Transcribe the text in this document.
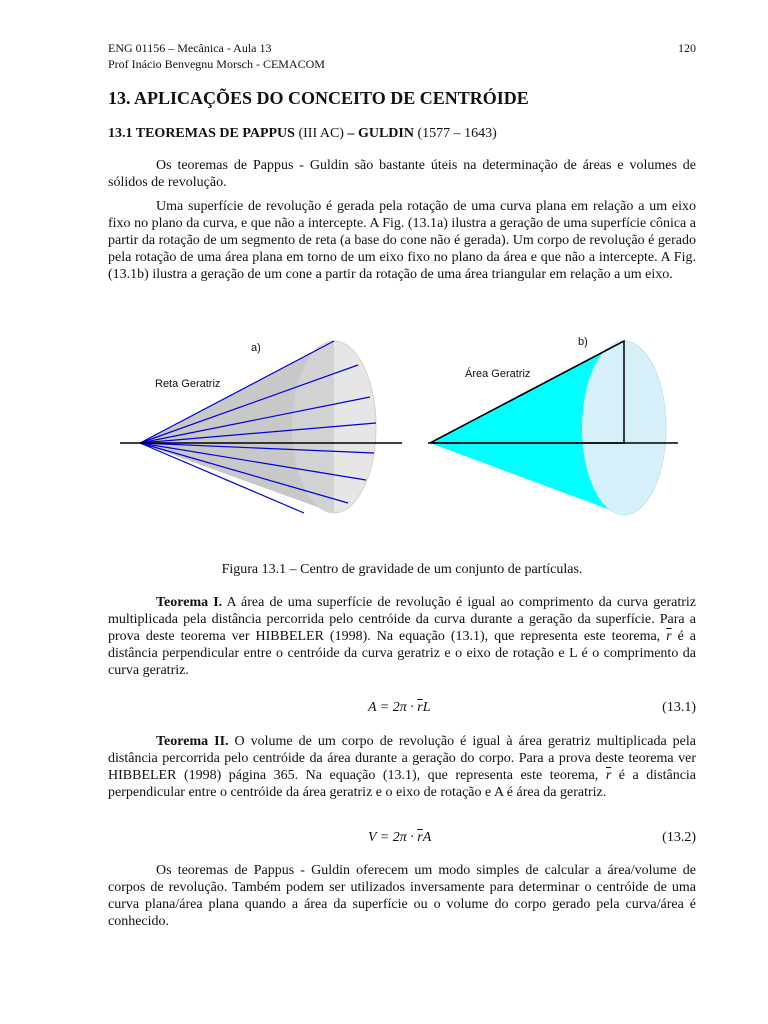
ENG 01156 – Mecânica - Aula 13
Prof Inácio Benvegnu Morsch - CEMACOM
120
13. APLICAÇÕES DO CONCEITO DE CENTRÓIDE
13.1 TEOREMAS DE PAPPUS (III AC) – GULDIN (1577 – 1643)

Os teoremas de Pappus - Guldin são bastante úteis na determinação de áreas e volumes de sólidos de revolução.

Uma superfície de revolução é gerada pela rotação de uma curva plana em relação a um eixo fixo no plano da curva, e que não a intercepte. A Fig. (13.1a) ilustra a geração de uma superfície cônica a partir da rotação de um segmento de reta (a base do cone não é gerada). Um corpo de revolução é gerado pela rotação de uma área plana em torno de um eixo fixo no plano da área e que não a intercepte. A Fig. (13.1b) ilustra a geração de um cone a partir da rotação de uma área triangular em relação a um eixo.

a)
Reta Geratriz
b)
Área Geratriz
Figura 13.1 – Centro de gravidade de um conjunto de partículas.

Teorema I. A área de uma superfície de revolução é igual ao comprimento da curva geratriz multiplicada pela distância percorrida pelo centróide da curva durante a geração da superfície. Para a prova deste teorema ver HIBBELER (1998). Na equação (13.1), que representa este teorema, $\overline{r}$ é a distância perpendicular entre o centróide da curva geratriz e o eixo de rotação e L é o comprimento da curva geratriz.

$A = 2\pi \cdot \overline{r}L$	(13.1)

Teorema II. O volume de um corpo de revolução é igual à área geratriz multiplicada pela distância percorrida pelo centróide da área durante a geração do corpo. Para a prova deste teorema ver HIBBELER (1998) página 365. Na equação (13.1), que representa este teorema, $\overline{r}$ é a distância perpendicular entre o centróide da área geratriz e o eixo de rotação e A é área da geratriz.

$V = 2\pi \cdot \overline{r}A$	(13.2)

Os teoremas de Pappus - Guldin oferecem um modo simples de calcular a área/volume de corpos de revolução. Também podem ser utilizados inversamente para determinar o centróide de uma curva plana/área plana quando a área da superfície ou o volume do corpo gerado pela curva/área é conhecido.
